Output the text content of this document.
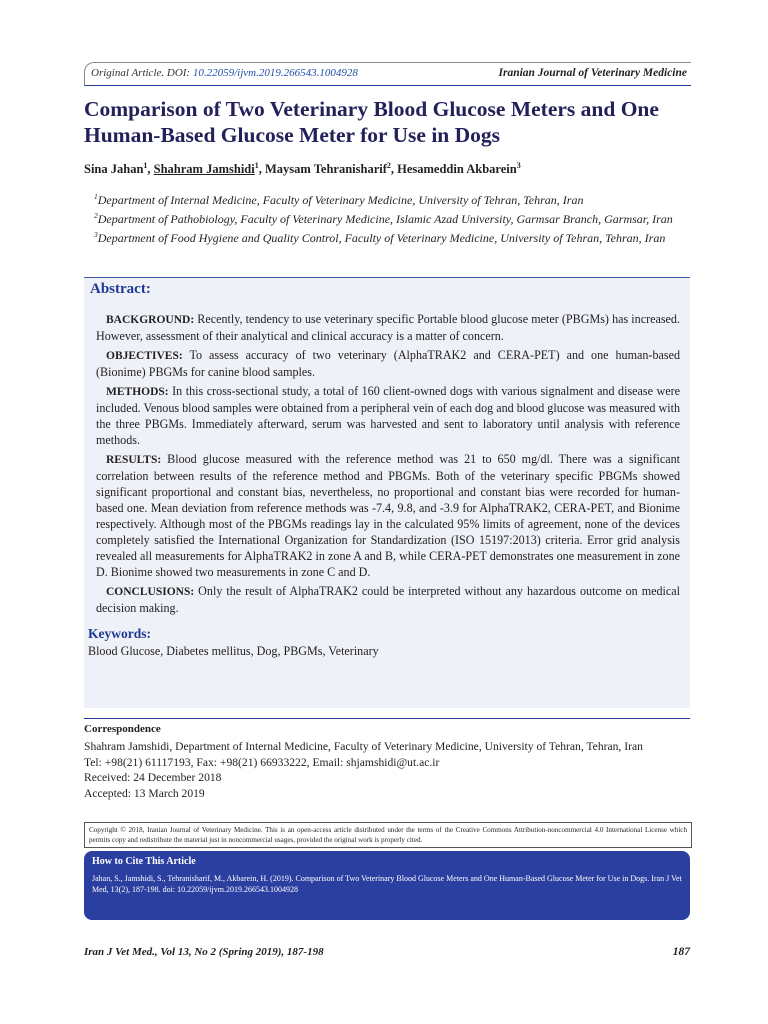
Original Article. DOI: 10.22059/ijvm.2019.266543.1004928	Iranian Journal of Veterinary Medicine
Comparison of Two Veterinary Blood Glucose Meters and One Human-Based Glucose Meter for Use in Dogs
Sina Jahan$^1$, Shahram Jamshidi$^1$, Maysam Tehranisharif$^2$, Hesameddin Akbarein$^3$
$^1$Department of Internal Medicine, Faculty of Veterinary Medicine, University of Tehran, Tehran, Iran
$^2$Department of Pathobiology, Faculty of Veterinary Medicine, Islamic Azad University, Garmsar Branch, Garmsar, Iran
$^3$Department of Food Hygiene and Quality Control, Faculty of Veterinary Medicine, University of Tehran, Tehran, Iran
Abstract:

BACKGROUND: Recently, tendency to use veterinary specific Portable blood glucose meter (PBGMs) has increased. However, assessment of their analytical and clinical accuracy is a matter of concern.

OBJECTIVES: To assess accuracy of two veterinary (AlphaTRAK2 and CERA-PET) and one human-based (Bionime) PBGMs for canine blood samples.

METHODS: In this cross-sectional study, a total of 160 client-owned dogs with various signalment and disease were included. Venous blood samples were obtained from a peripheral vein of each dog and blood glucose was measured with the three PBGMs. Immediately afterward, serum was harvested and sent to laboratory until analysis with reference methods.

RESULTS: Blood glucose measured with the reference method was 21 to 650 mg/dl. There was a significant correlation between results of the reference method and PBGMs. Both of the veterinary specific PBGMs showed significant proportional and constant bias, nevertheless, no proportional and constant bias were recorded for human-based one. Mean deviation from reference methods was -7.4, 9.8, and -3.9 for AlphaTRAK2, CERA-PET, and Bionime respectively. Although most of the PBGMs readings lay in the calculated 95% limits of agreement, none of the devices completely satisfied the International Organization for Standardization (ISO 15197:2013) criteria. Error grid analysis revealed all measurements for AlphaTRAK2 in zone A and B, while CERA-PET demonstrates one measurement in zone D. Bionime showed two measurements in zone C and D.

CONCLUSIONS: Only the result of AlphaTRAK2 could be interpreted without any hazardous outcome on medical decision making.

Keywords:
Blood Glucose, Diabetes mellitus, Dog, PBGMs, Veterinary
Correspondence
Shahram Jamshidi, Department of Internal Medicine, Faculty of Veterinary Medicine, University of Tehran, Tehran, Iran
Tel: +98(21) 61117193, Fax: +98(21) 66933222, Email: shjamshidi@ut.ac.ir
Received: 24 December 2018
Accepted: 13 March 2019
Copyright © 2018, Iranian Journal of Veterinary Medicine. This is an open-access article distributed under the terms of the Creative Commons Attribution-noncommercial 4.0 International License which permits copy and redistribute the material just in noncommercial usages, provided the original work is properly cited.
How to Cite This Article
Jahan, S., Jamshidi, S., Tehranisharif, M., Akbarein, H. (2019). Comparison of Two Veterinary Blood Glucose Meters and One Human-Based Glucose Meter for Use in Dogs. Iran J Vet Med, 13(2), 187-198. doi: 10.22059/ijvm.2019.266543.1004928
Iran J Vet Med., Vol 13, No 2 (Spring 2019), 187-198	187
